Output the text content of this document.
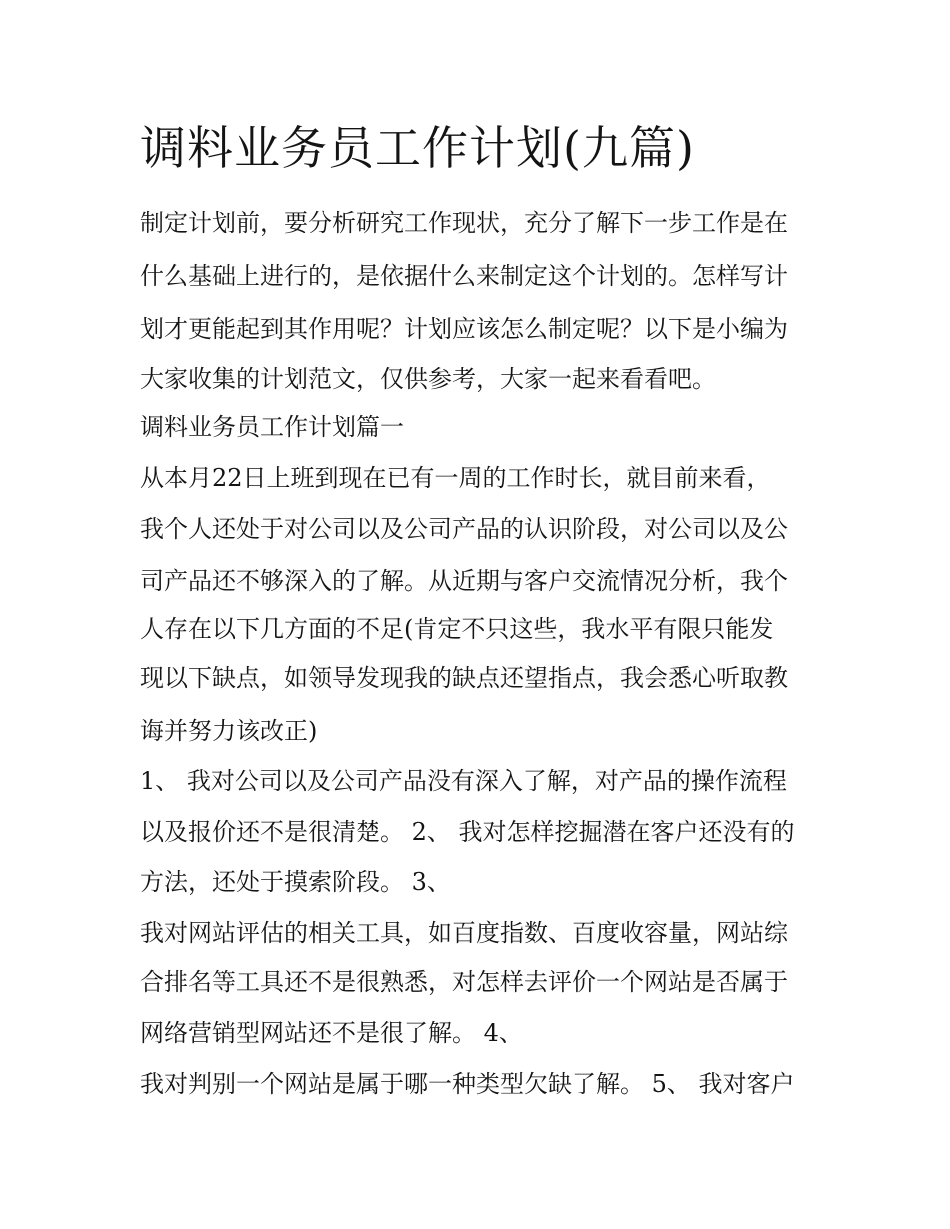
调料业务员工作计划(九篇)

制定计划前，要分析研究工作现状，充分了解下一步工作是在

什么基础上进行的，是依据什么来制定这个计划的。怎样写计

划才更能起到其作用呢？计划应该怎么制定呢？以下是小编为

大家收集的计划范文，仅供参考，大家一起来看看吧。

调料业务员工作计划篇一

从本月22日上班到现在已有一周的工作时长，就目前来看，

我个人还处于对公司以及公司产品的认识阶段，对公司以及公

司产品还不够深入的了解。从近期与客户交流情况分析，我个

人存在以下几方面的不足(肯定不只这些，我水平有限只能发

现以下缺点，如领导发现我的缺点还望指点，我会悉心听取教

诲并努力该改正)

1、 我对公司以及公司产品没有深入了解，对产品的操作流程

以及报价还不是很清楚。 2、 我对怎样挖掘潜在客户还没有的

方法，还处于摸索阶段。 3、

我对网站评估的相关工具，如百度指数、百度收容量，网站综

合排名等工具还不是很熟悉，对怎样去评价一个网站是否属于

网络营销型网站还不是很了解。 4、

我对判别一个网站是属于哪一种类型欠缺了解。 5、 我对客户
